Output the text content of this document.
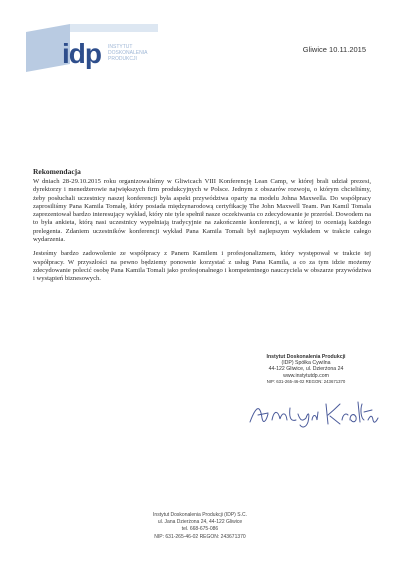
idp INSTYTUT
DOSKONALENIA
PRODUKCJI
Gliwice 10.11.2015
Rekomendacja

W dniach 28-29.10.2015 roku organizowaliśmy w Gliwicach VIII Konferencję Lean Camp, w której brali udział prezesi, dyrektorzy i menedżerowie największych firm produkcyjnych w Polsce. Jednym z obszarów rozwoju, o którym chcieliśmy, żeby posłuchali uczestnicy naszej konferencji była aspekt przywództwa oparty na modelu Johna Maxwella. Do współpracy zaprosiliśmy Pana Kamila Tomalę, który posiada międzynarodową certyfikację The John Maxwell Team. Pan Kamil Tomala zaprezentował bardzo interesujący wykład, który nie tyle spełnił nasze oczekiwania co zdecydowanie je przerósł. Dowodem na to była ankieta, którą nasi uczestnicy wypełniają tradycyjnie na zakończenie konferencji, a w której to oceniają każdego prelegenta. Zdaniem uczestników konferencji wykład Pana Kamila Tomali był najlepszym wykładem w trakcie całego wydarzenia.

Jesteśmy bardzo zadowolenie ze współpracy z Panem Kamilem i profesjonalizmem, który występował w trakcie tej współpracy. W przyszłości na pewno będziemy ponownie korzystać z usług Pana Kamila, a co za tym idzie możemy zdecydowanie polecić osobę Pana Kamila Tomali jako profesjonalnego i kompetentnego nauczyciela w obszarze przywództwa i wystąpień biznesowych.

Instytut Doskonalenia Produkcji
(IDP) Spółka Cywilna
44-122 Gliwice, ul. Dzierżona 24
www.instytutdp.com
NIP: 631-265-46-02 REGON: 243671370
Instytut Doskonalenia Produkcji (IDP) S.C.
ul. Jana Dzierżona 24, 44-122 Gliwice
tel. 668-675-086
NIP: 631-265-46-02 REGON: 243671370
